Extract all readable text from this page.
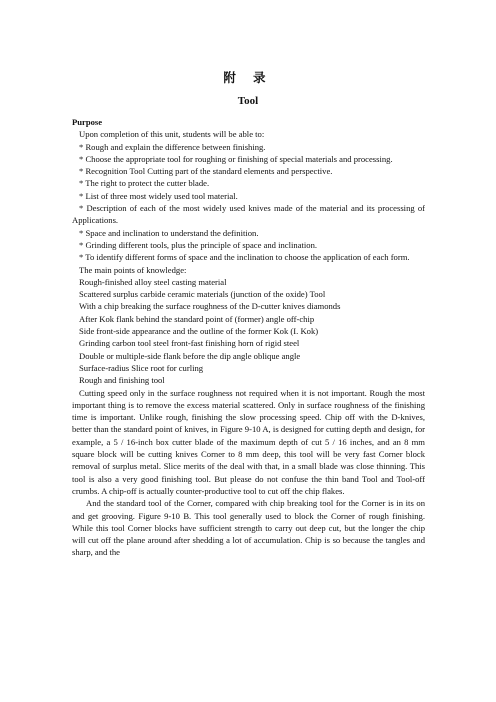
附 录
Tool

Purpose

Upon completion of this unit, students will be able to:

* Rough and explain the difference between finishing.

* Choose the appropriate tool for roughing or finishing of special materials and processing.

* Recognition Tool Cutting part of the standard elements and perspective.

* The right to protect the cutter blade.

* List of three most widely used tool material.

* Description of each of the most widely used knives made of the material and its processing of Applications.

* Space and inclination to understand the definition.

* Grinding different tools, plus the principle of space and inclination.

* To identify different forms of space and the inclination to choose the application of each form.

The main points of knowledge:

Rough-finished alloy steel casting material

Scattered surplus carbide ceramic materials (junction of the oxide) Tool

With a chip breaking the surface roughness of the D-cutter knives diamonds

After Kok flank behind the standard point of (former) angle off-chip

Side front-side appearance and the outline of the former Kok (I. Kok)

Grinding carbon tool steel front-fast finishing horn of rigid steel

Double or multiple-side flank before the dip angle oblique angle

Surface-radius Slice root for curling

Rough and finishing tool

Cutting speed only in the surface roughness not required when it is not important. Rough the most important thing is to remove the excess material scattered. Only in surface roughness of the finishing time is important. Unlike rough, finishing the slow processing speed. Chip off with the D-knives, better than the standard point of knives, in Figure 9-10 A, is designed for cutting depth and design, for example, a 5 / 16-inch box cutter blade of the maximum depth of cut 5 / 16 inches, and an 8 mm square block will be cutting knives Corner to 8 mm deep, this tool will be very fast Corner block removal of surplus metal. Slice merits of the deal with that, in a small blade was close thinning. This tool is also a very good finishing tool. But please do not confuse the thin band Tool and Tool-off crumbs. A chip-off is actually counter-productive tool to cut off the chip flakes.

And the standard tool of the Corner, compared with chip breaking tool for the Corner is in its on and get grooving. Figure 9-10 B. This tool generally used to block the Corner of rough finishing. While this tool Corner blocks have sufficient strength to carry out deep cut, but the longer the chip will cut off the plane around after shedding a lot of accumulation. Chip is so because the tangles and sharp, and the
